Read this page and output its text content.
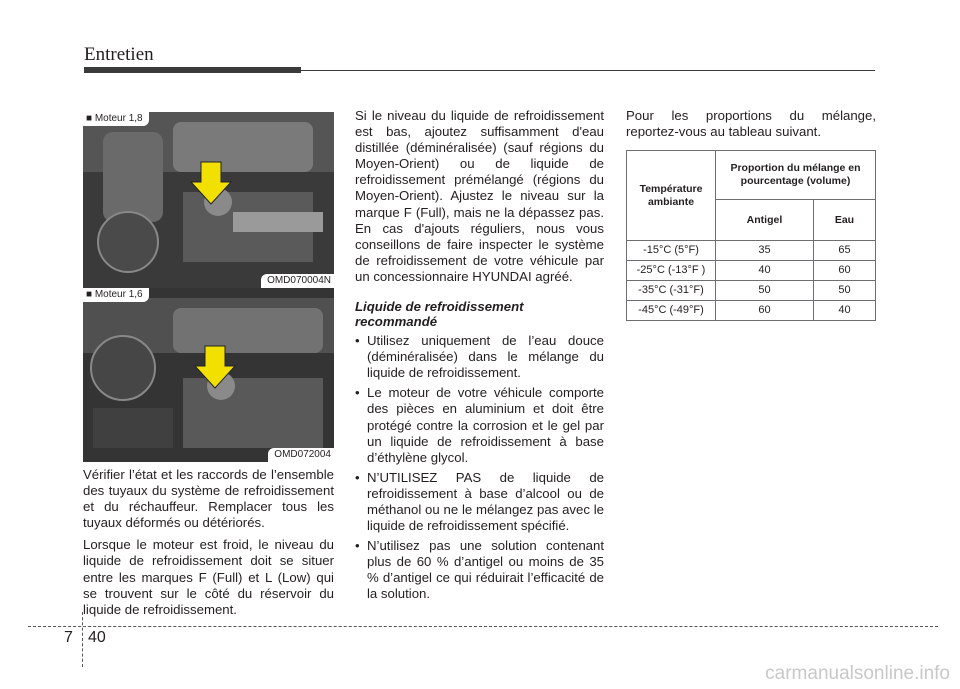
Entretien
■ Moteur 1,8
OMD070004N
■ Moteur 1,6
OMD072004

Vérifier l’état et les raccords de l’ensemble des tuyaux du système de refroidissement et du réchauffeur. Remplacer tous les tuyaux déformés ou détériorés.

Lorsque le moteur est froid, le niveau du liquide de refroidissement doit se situer entre les marques F (Full) et L (Low) qui se trouvent sur le côté du réservoir du liquide de refroidissement.

Si le niveau du liquide de refroidissement est bas, ajoutez suffisamment d'eau distillée (déminéralisée) (sauf régions du Moyen-Orient) ou de liquide de refroidissement prémélangé (régions du Moyen-Orient). Ajustez le niveau sur la marque F (Full), mais ne la dépassez pas. En cas d'ajouts réguliers, nous vous conseillons de faire inspecter le système de refroidissement de votre véhicule par un concessionnaire HYUNDAI agréé.

Liquide de refroidissement recommandé
• Utilisez uniquement de l’eau douce (déminéralisée) dans le mélange du liquide de refroidissement.
• Le moteur de votre véhicule comporte des pièces en aluminium et doit être protégé contre la corrosion et le gel par un liquide de refroidissement à base d’éthylène glycol.
• N’UTILISEZ PAS de liquide de refroidissement à base d’alcool ou de méthanol ou ne le mélangez pas avec le liquide de refroidissement spécifié.
• N’utilisez pas une solution contenant plus de 60 % d’antigel ou moins de 35 % d’antigel ce qui réduirait l’efficacité de la solution.

Pour les proportions du mélange, reportez-vous au tableau suivant.

Température ambiante	Proportion du mélange en pourcentage (volume)	
	Antigel	Eau
-15°C (5°F)	35	65
-25°C (-13°F )	40	60
-35°C (-31°F)	50	50
-45°C (-49°F)	60	40
7 40
carmanualsonline.info
